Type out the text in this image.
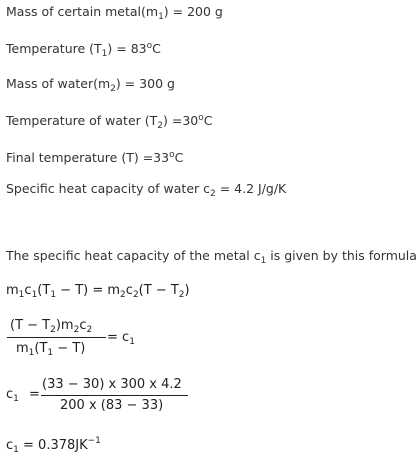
Mass of certain $metal(m_1) = 200$ g
Temperature $(T_1) = 83^oC$
Mass of $water(m_2) = 300$ g
Temperature of water $(T_2) =30^oC$
Final temperature $(T) =33^oC$
Specific heat capacity of water $c_2 = 4.2$ J/g/K
The specific heat capacity of the metal $c_1$ is given by this formula
$m_1c_1(T_1 - T) = m_2c_2(T - T_2)$
$(T - T_2)m_2c_2$
$m_1(T_1 - T)$
= $c_1$
$c_1$ =
(33 − 30) x 300 x 4.2
200 x (83 − 33)
$c_1 = 0.378JK^{-1}$
